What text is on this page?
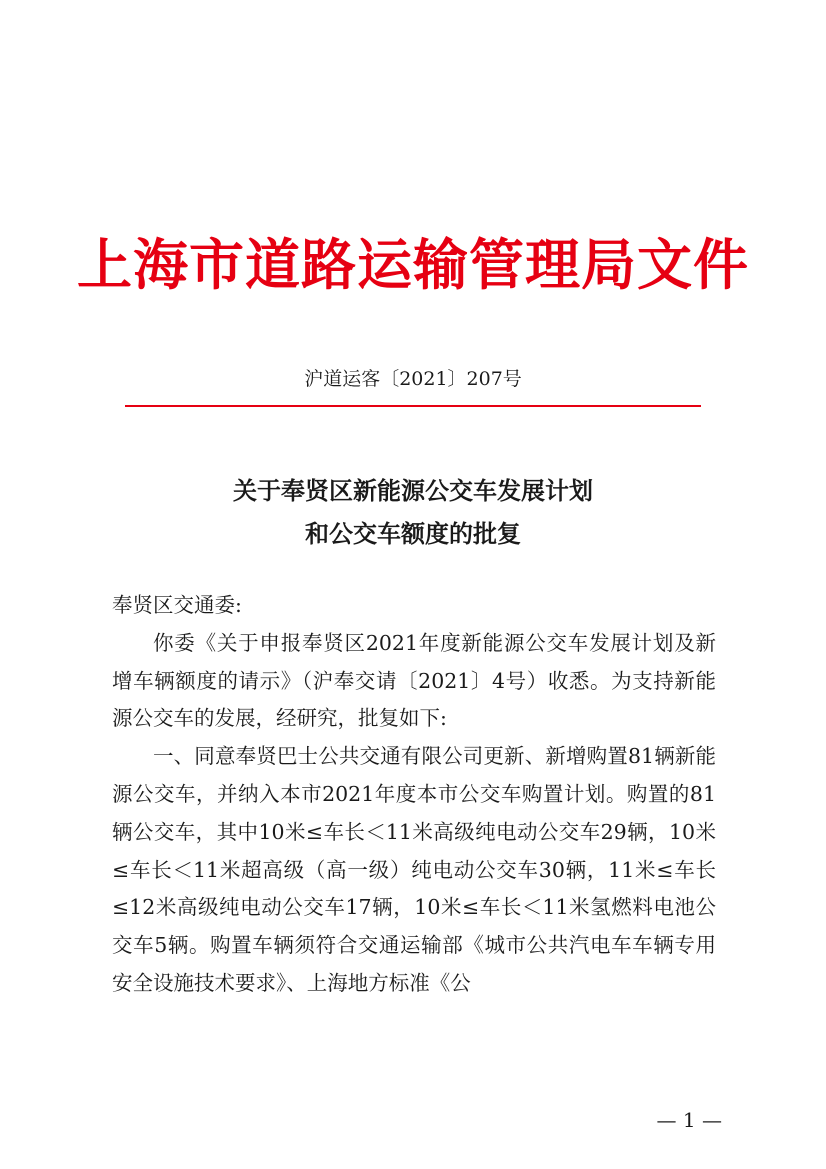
上海市道路运输管理局文件
沪道运客〔2021〕207号
关于奉贤区新能源公交车发展计划
和公交车额度的批复

奉贤区交通委:

你委《关于申报奉贤区2021年度新能源公交车发展计划及新增车辆额度的请示》（沪奉交请〔2021〕4号）收悉。为支持新能源公交车的发展，经研究，批复如下:

一、同意奉贤巴士公共交通有限公司更新、新增购置81辆新能源公交车，并纳入本市2021年度本市公交车购置计划。购置的81辆公交车，其中10米≤车长＜11米高级纯电动公交车29辆，10米≤车长＜11米超高级（高一级）纯电动公交车30辆，11米≤车长≤12米高级纯电动公交车17辆，10米≤车长＜11米氢燃料电池公交车5辆。购置车辆须符合交通运输部《城市公共汽电车车辆专用安全设施技术要求》、上海地方标准《公

— 1 —
